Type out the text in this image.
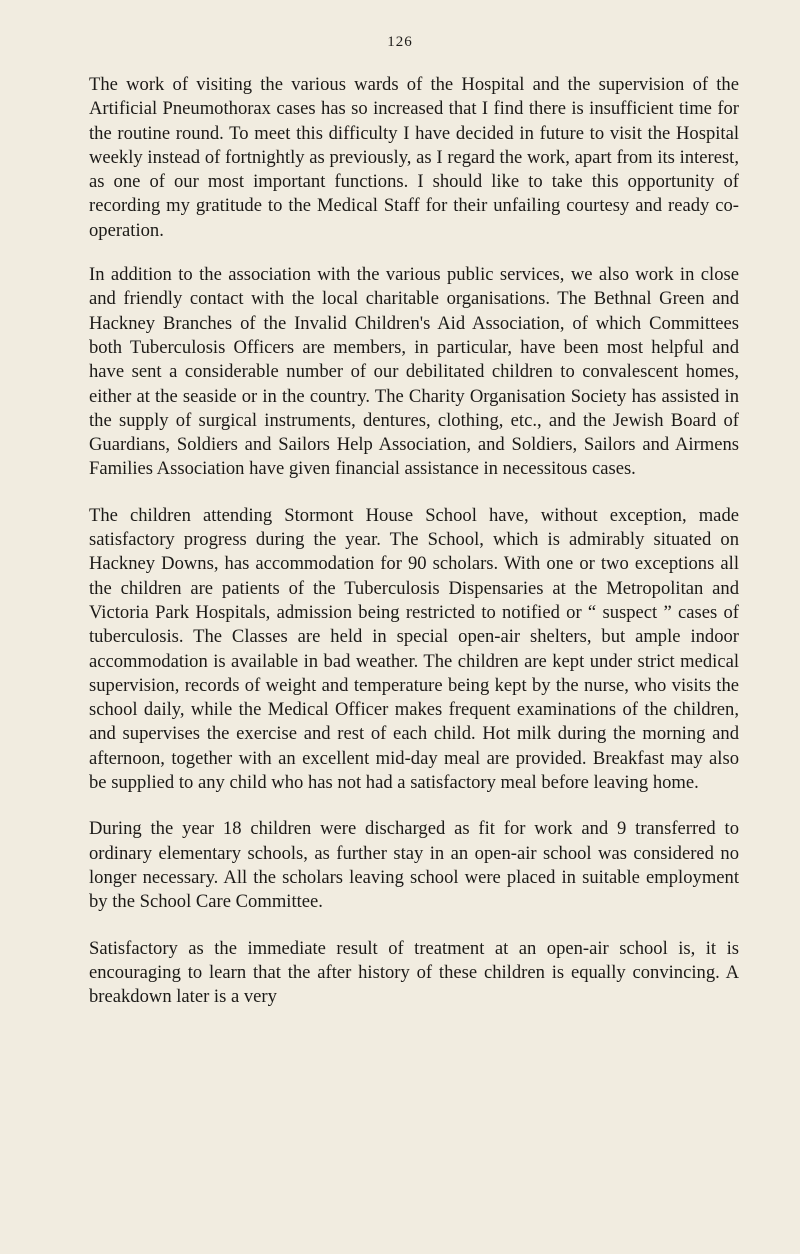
126

The work of visiting the various wards of the Hospital and the supervision of the Artificial Pneumothorax cases has so increased that I find there is insufficient time for the routine round. To meet this difficulty I have decided in future to visit the Hospital weekly instead of fortnightly as previously, as I regard the work, apart from its interest, as one of our most important functions. I should like to take this opportunity of recording my gratitude to the Medical Staff for their unfailing courtesy and ready co-operation.

In addition to the association with the various public services, we also work in close and friendly contact with the local charitable organisations. The Bethnal Green and Hackney Branches of the Invalid Children's Aid Association, of which Committees both Tuberculosis Officers are members, in particular, have been most helpful and have sent a considerable number of our debilitated children to convalescent homes, either at the seaside or in the country. The Charity Organisation Society has assisted in the supply of surgical instruments, dentures, clothing, etc., and the Jewish Board of Guardians, Soldiers and Sailors Help Association, and Soldiers, Sailors and Airmens Families Association have given financial assistance in necessitous cases.

The children attending Stormont House School have, without exception, made satisfactory progress during the year. The School, which is admirably situated on Hackney Downs, has accommodation for 90 scholars. With one or two exceptions all the children are patients of the Tuberculosis Dispensaries at the Metropolitan and Victoria Park Hospitals, admission being restricted to notified or “ suspect ” cases of tuberculosis. The Classes are held in special open-air shelters, but ample indoor accommodation is available in bad weather. The children are kept under strict medical supervision, records of weight and temperature being kept by the nurse, who visits the school daily, while the Medical Officer makes frequent examinations of the children, and supervises the exercise and rest of each child. Hot milk during the morning and afternoon, together with an excellent mid-day meal are provided. Breakfast may also be supplied to any child who has not had a satisfactory meal before leaving home.

During the year 18 children were discharged as fit for work and 9 transferred to ordinary elementary schools, as further stay in an open-air school was considered no longer necessary. All the scholars leaving school were placed in suitable employment by the School Care Committee.

Satisfactory as the immediate result of treatment at an open-air school is, it is encouraging to learn that the after history of these children is equally convincing. A breakdown later is a very
